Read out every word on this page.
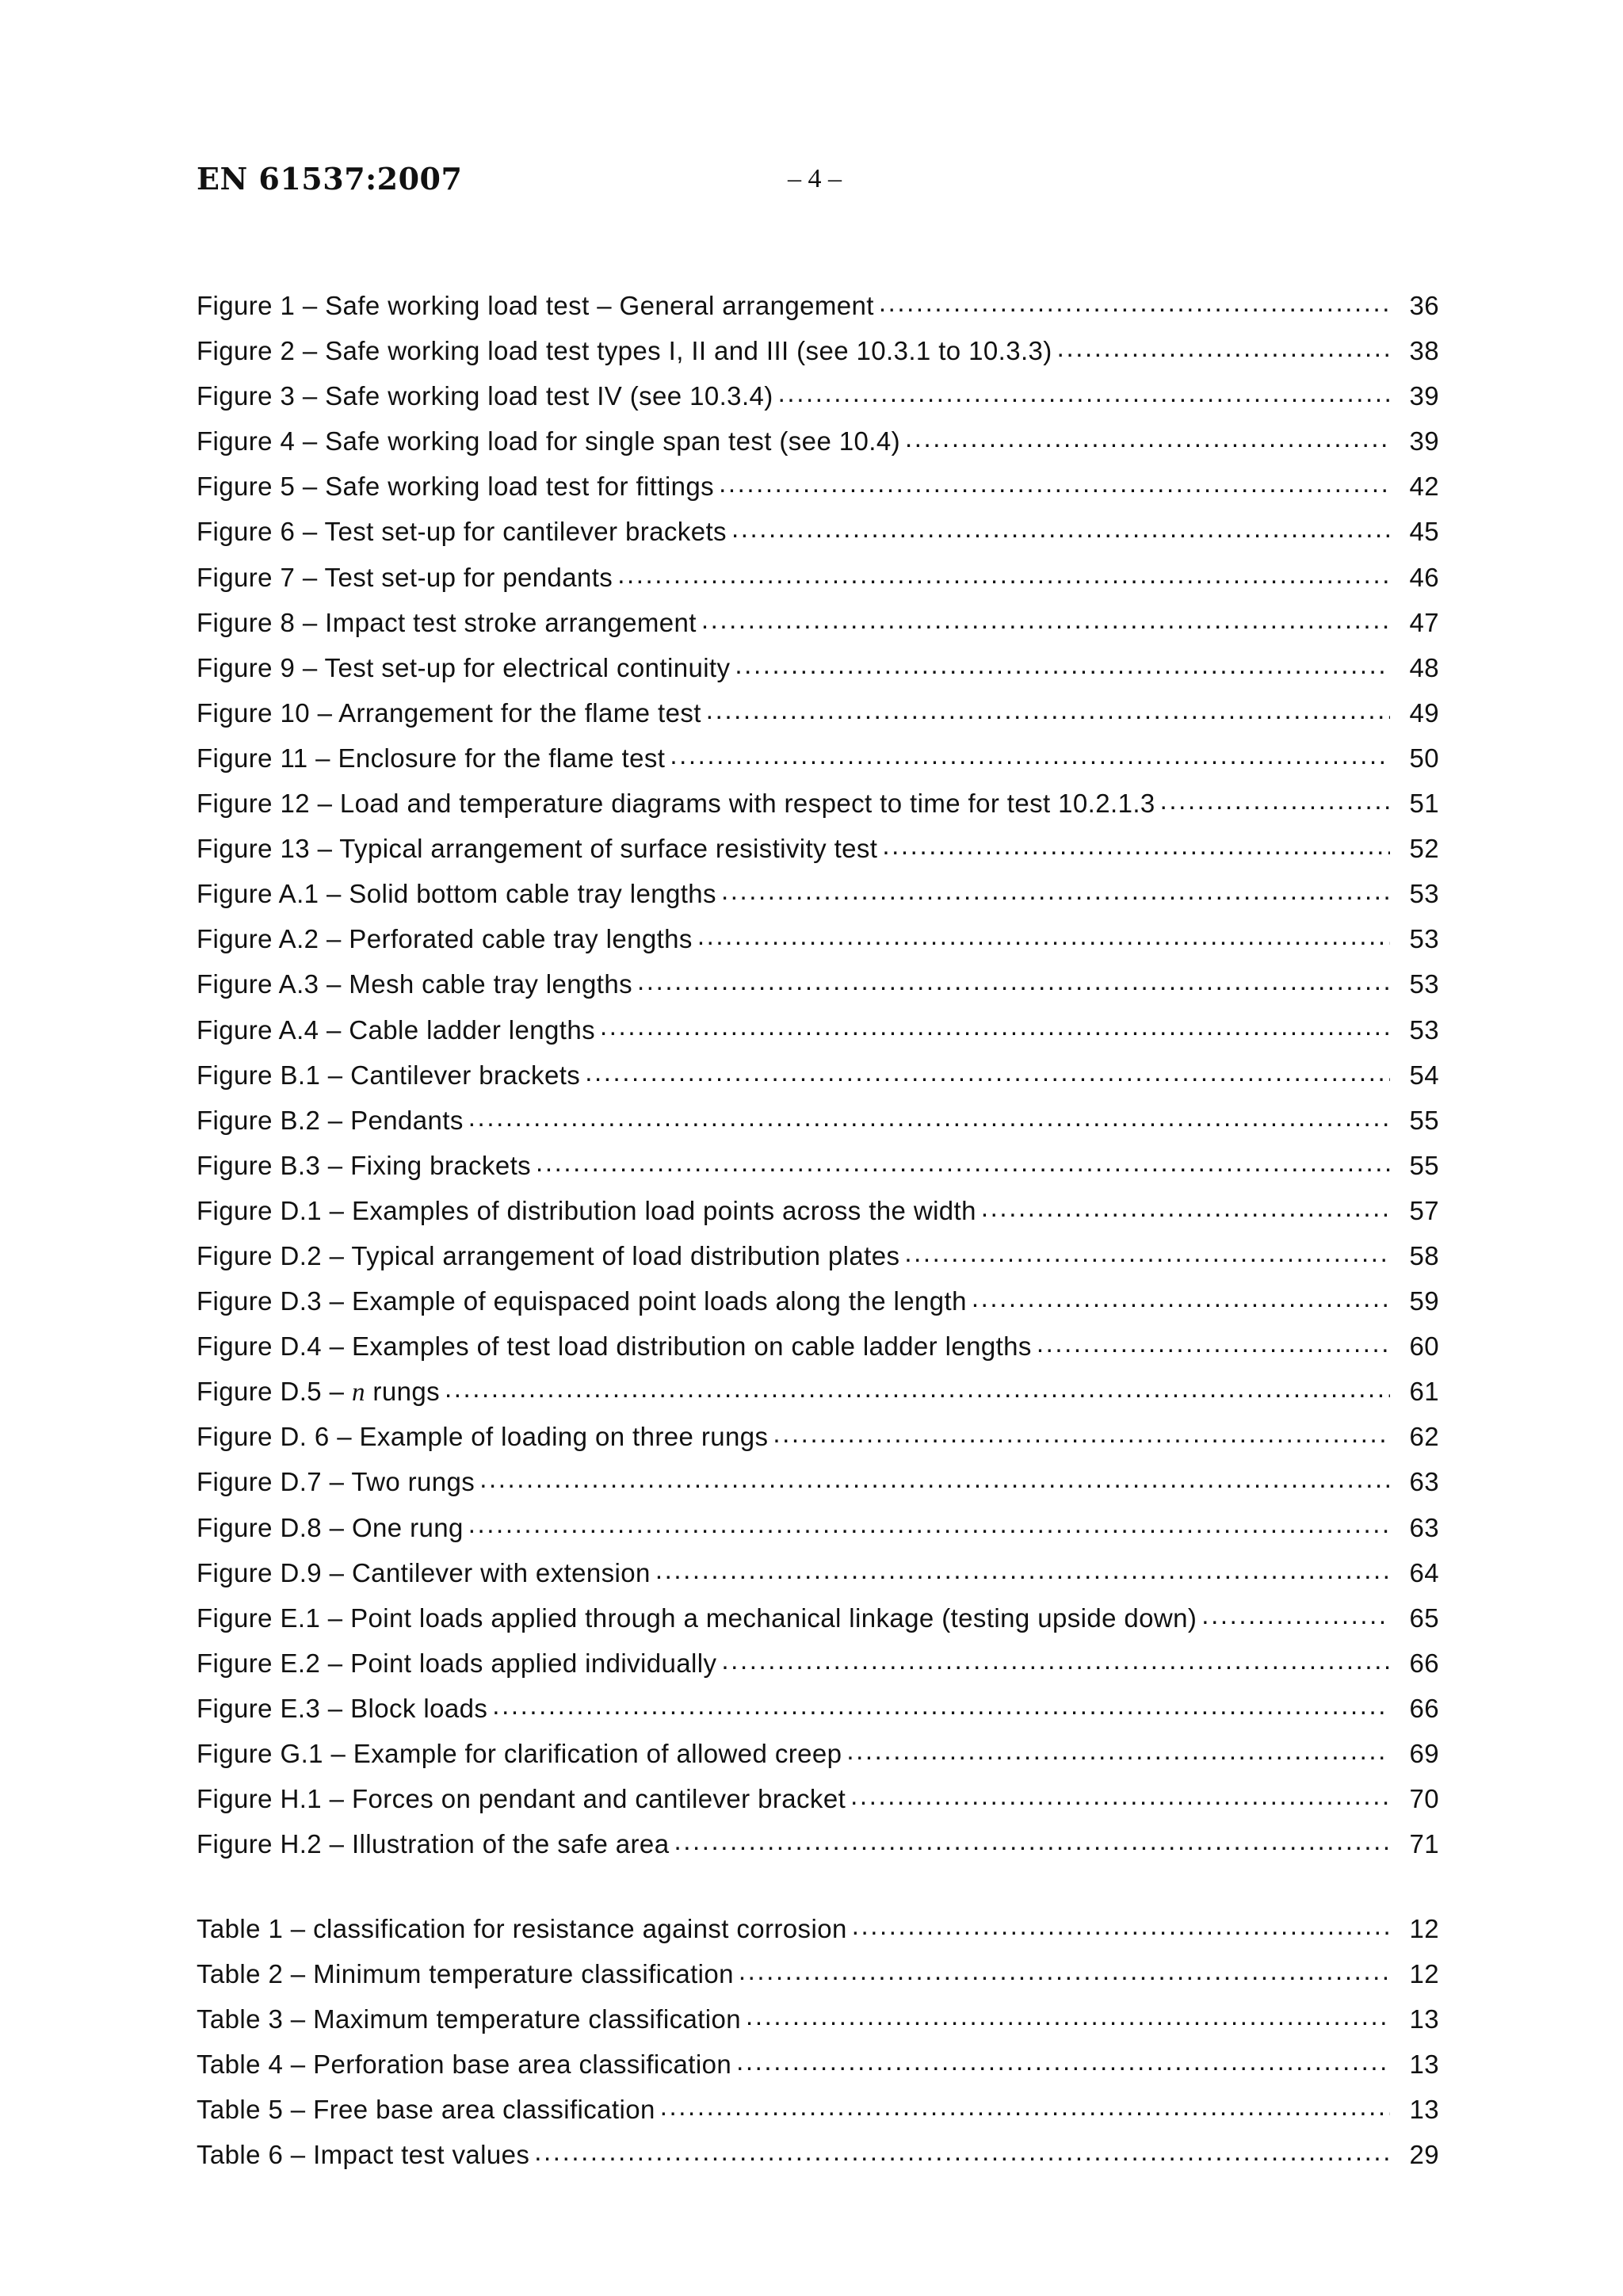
EN 61537:2007	– 4 –
Figure 1 – Safe working load test – General arrangement .....	36
Figure 2 – Safe working load test types I, II and III (see 10.3.1 to 10.3.3) .....	38
Figure 3 – Safe working load test IV (see 10.3.4) .....	39
Figure 4 – Safe working load for single span test (see 10.4) .....	39
Figure 5 – Safe working load test for fittings .....	42
Figure 6 – Test set-up for cantilever brackets .....	45
Figure 7 – Test set-up for pendants .....	46
Figure 8 – Impact test stroke arrangement .....	47
Figure 9 – Test set-up for electrical continuity .....	48
Figure 10 – Arrangement for the flame test .....	49
Figure 11 – Enclosure for the flame test .....	50
Figure 12 – Load and temperature diagrams with respect to time for test 10.2.1.3 .....	51
Figure 13 – Typical arrangement of surface resistivity test .....	52
Figure A.1 – Solid bottom cable tray lengths .....	53
Figure A.2 – Perforated cable tray lengths .....	53
Figure A.3 – Mesh cable tray lengths .....	53
Figure A.4 – Cable ladder lengths .....	53
Figure B.1 – Cantilever brackets .....	54
Figure B.2 – Pendants .....	55
Figure B.3 – Fixing brackets .....	55
Figure D.1 – Examples of distribution load points across the width .....	57
Figure D.2 – Typical arrangement of load distribution plates .....	58
Figure D.3 – Example of equispaced point loads along the length .....	59
Figure D.4 – Examples of test load distribution on cable ladder lengths .....	60
Figure D.5 – n rungs .....	61
Figure D. 6 – Example of loading on three rungs .....	62
Figure D.7 – Two rungs .....	63
Figure D.8 – One rung .....	63
Figure D.9 – Cantilever with extension .....	64
Figure E.1 – Point loads applied through a mechanical linkage (testing upside down) .....	65
Figure E.2 – Point loads applied individually .....	66
Figure E.3 – Block loads .....	66
Figure G.1 – Example for clarification of allowed creep .....	69
Figure H.1 – Forces on pendant and cantilever bracket .....	70
Figure H.2 – Illustration of the safe area .....	71
Table 1 – classification for resistance against corrosion .....	12
Table 2 – Minimum temperature classification .....	12
Table 3 – Maximum temperature classification .....	13
Table 4 – Perforation base area classification .....	13
Table 5 – Free base area classification .....	13
Table 6 – Impact test values .....	29
